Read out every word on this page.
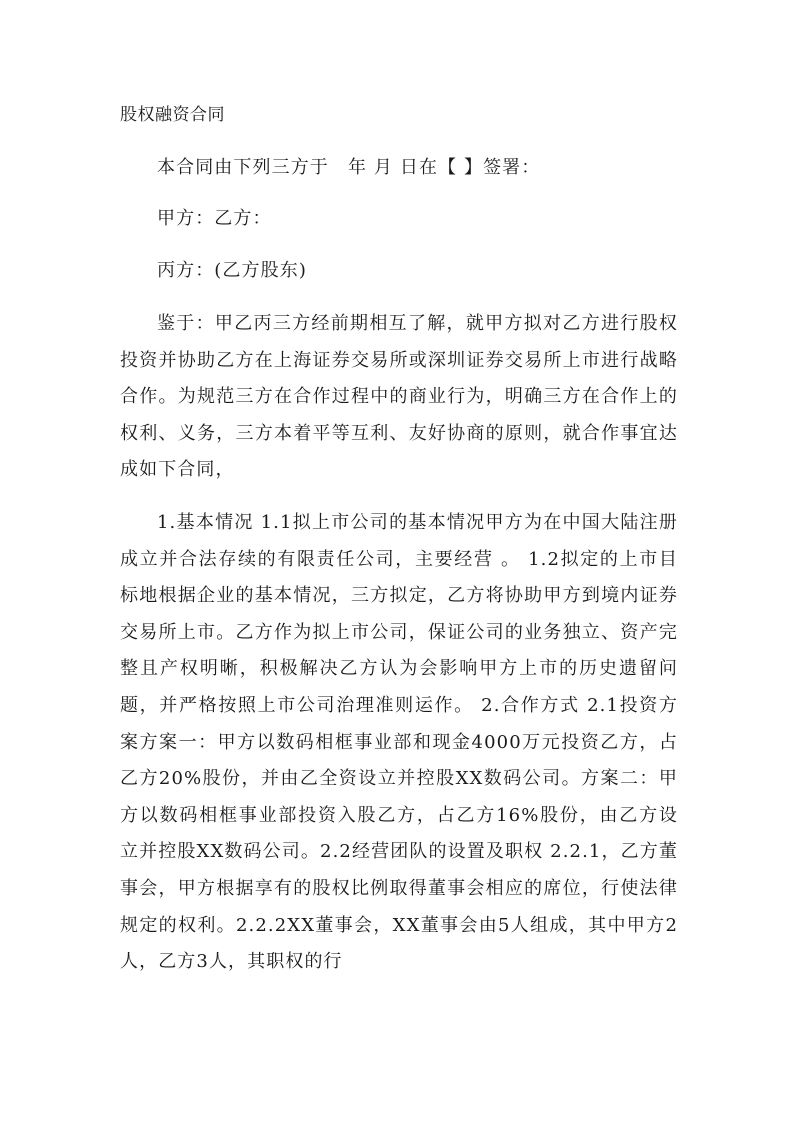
股权融资合同
本合同由下列三方于　年 月 日在【 】签署：
甲方：乙方：
丙方：(乙方股东)
鉴于：甲乙丙三方经前期相互了解，就甲方拟对乙方进行股权投资并协助乙方在上海证券交易所或深圳证券交易所上市进行战略合作。为规范三方在合作过程中的商业行为，明确三方在合作上的权利、义务，三方本着平等互利、友好协商的原则，就合作事宜达成如下合同，
1.基本情况 1.1拟上市公司的基本情况甲方为在中国大陆注册成立并合法存续的有限责任公司，主要经营 。 1.2拟定的上市目标地根据企业的基本情况，三方拟定，乙方将协助甲方到境内证券交易所上市。乙方作为拟上市公司，保证公司的业务独立、资产完整且产权明晰，积极解决乙方认为会影响甲方上市的历史遗留问题，并严格按照上市公司治理准则运作。 2.合作方式 2.1投资方案方案一：甲方以数码相框事业部和现金4000万元投资乙方，占乙方20%股份，并由乙全资设立并控股XX数码公司。方案二：甲方以数码相框事业部投资入股乙方，占乙方16%股份，由乙方设立并控股XX数码公司。2.2经营团队的设置及职权 2.2.1，乙方董事会，甲方根据享有的股权比例取得董事会相应的席位，行使法律规定的权利。2.2.2XX董事会，XX董事会由5人组成，其中甲方2人，乙方3人，其职权的行
